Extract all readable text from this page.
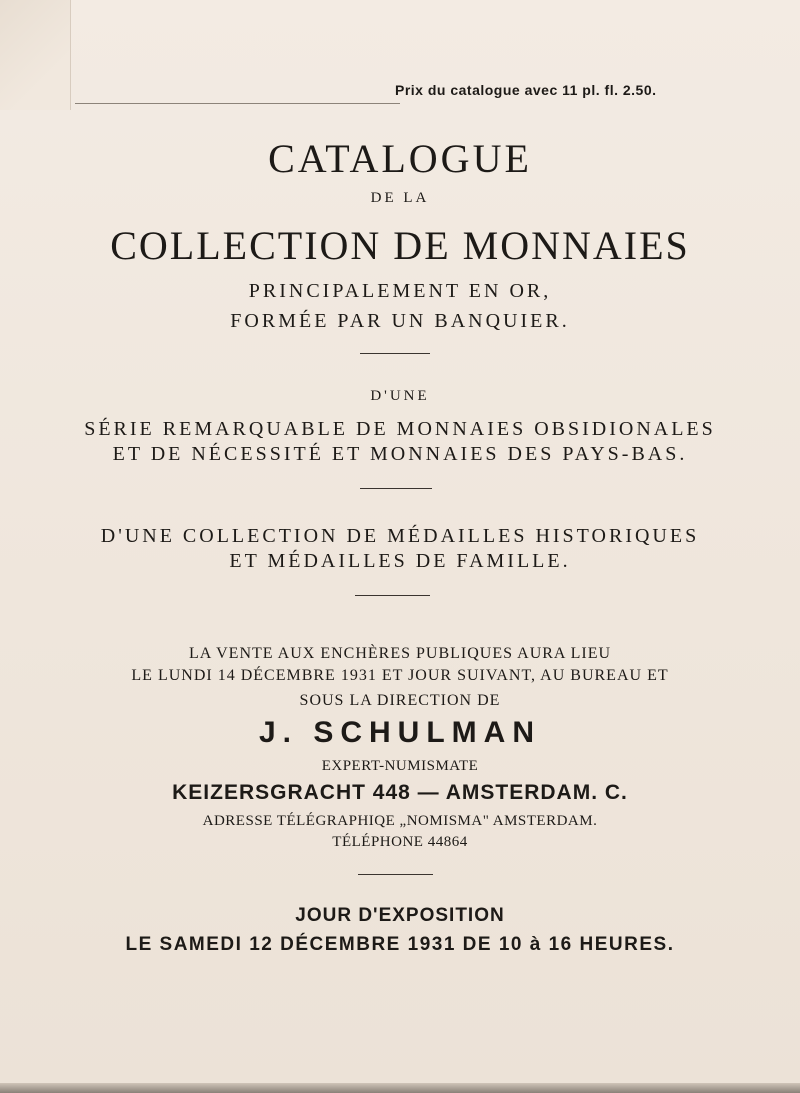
Prix du catalogue avec 11 pl. fl. 2.50.
CATALOGUE
DE LA
COLLECTION DE MONNAIES
PRINCIPALEMENT EN OR,
FORMÉE PAR UN BANQUIER.
D'UNE
SÉRIE REMARQUABLE DE MONNAIES OBSIDIONALES
ET DE NÉCESSITÉ ET MONNAIES DES PAYS-BAS.
D'UNE COLLECTION DE MÉDAILLES HISTORIQUES
ET MÉDAILLES DE FAMILLE.
LA VENTE AUX ENCHÈRES PUBLIQUES AURA LIEU
LE LUNDI 14 DÉCEMBRE 1931 ET JOUR SUIVANT, AU BUREAU ET
SOUS LA DIRECTION DE
J. SCHULMAN
EXPERT-NUMISMATE
KEIZERSGRACHT 448 — AMSTERDAM. C.
ADRESSE TÉLÉGRAPHIQE „NOMISMA" AMSTERDAM.
TÉLÉPHONE 44864
JOUR D'EXPOSITION
LE SAMEDI 12 DÉCEMBRE 1931 DE 10 à 16 HEURES.
